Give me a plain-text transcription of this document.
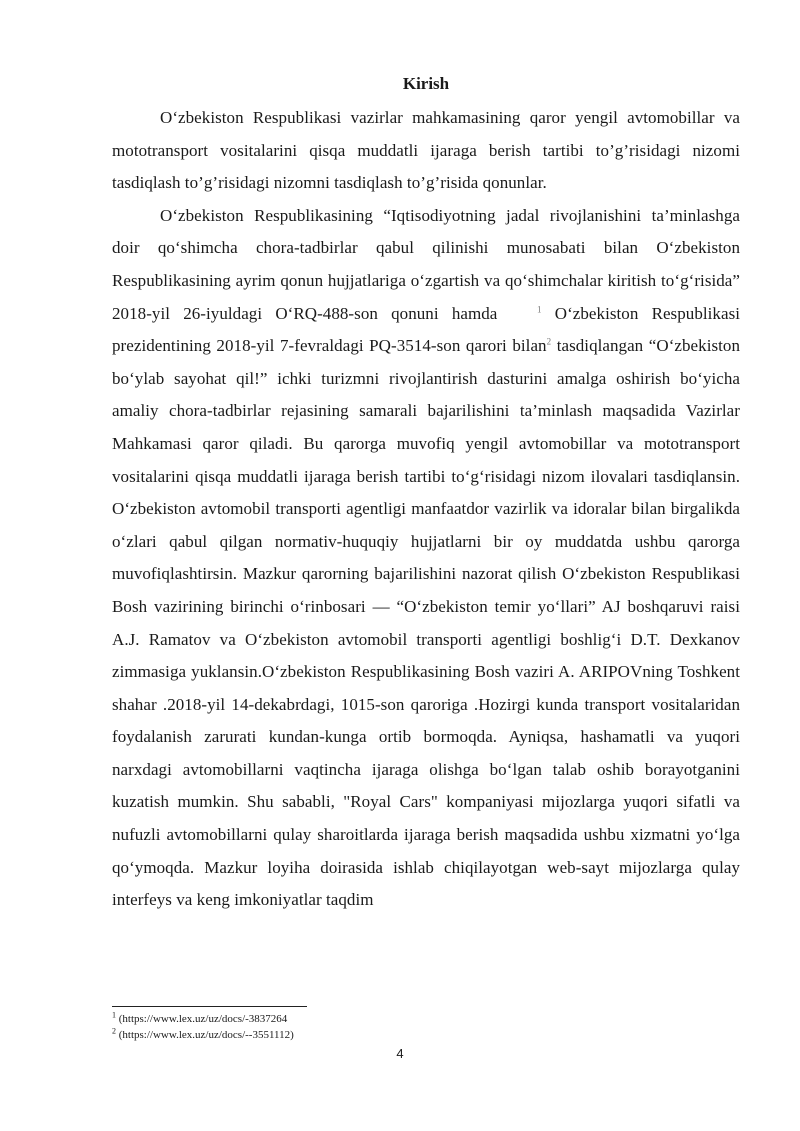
Kirish

O‘zbekiston Respublikasi vazirlar mahkamasining qaror yengil avtomobillar va mototransport vositalarini qisqa muddatli ijaraga berish tartibi to’g’risidagi nizomi tasdiqlash to’g’risidagi nizomni tasdiqlash to’g’risida qonunlar.

O‘zbekiston Respublikasining “Iqtisodiyotning jadal rivojlanishini ta’minlashga doir qo‘shimcha chora-tadbirlar qabul qilinishi munosabati bilan O‘zbekiston Respublikasining ayrim qonun hujjatlariga o‘zgartish va qo‘shimchalar kiritish to‘g‘risida” 2018-yil 26-iyuldagi O‘RQ-488-son qonuni hamda	$^1$ O‘zbekiston Respublikasi prezidentining 2018-yil 7-fevraldagi PQ-3514-son qarori bilan$^2$ tasdiqlangan “O‘zbekiston bo‘ylab sayohat qil!” ichki turizmni rivojlantirish dasturini amalga oshirish bo‘yicha amaliy chora-tadbirlar rejasining samarali bajarilishini ta’minlash maqsadida Vazirlar Mahkamasi qaror qiladi. Bu qarorga muvofiq yengil avtomobillar va mototransport vositalarini qisqa muddatli ijaraga berish tartibi to‘g‘risidagi nizom ilovalari tasdiqlansin. O‘zbekiston avtomobil transporti agentligi manfaatdor vazirlik va idoralar bilan birgalikda o‘zlari qabul qilgan normativ-huquqiy hujjatlarni bir oy muddatda ushbu qarorga muvofiqlashtirsin. Mazkur qarorning bajarilishini nazorat qilish O‘zbekiston Respublikasi Bosh vazirining birinchi o‘rinbosari — “O‘zbekiston temir yo‘llari” AJ boshqaruvi raisi A.J. Ramatov va O‘zbekiston avtomobil transporti agentligi boshlig‘i D.T. Dexkanov zimmasiga yuklansin.O‘zbekiston Respublikasining Bosh vaziri A. ARIPOVning Toshkent shahar .2018-yil 14-dekabrdagi, 1015-son qaroriga .Hozirgi kunda transport vositalaridan foydalanish zarurati kundan-kunga ortib bormoqda. Ayniqsa, hashamatli va yuqori narxdagi avtomobillarni vaqtincha ijaraga olishga bo‘lgan talab oshib borayotganini kuzatish mumkin. Shu sababli, "Royal Cars" kompaniyasi mijozlarga yuqori sifatli va nufuzli avtomobillarni qulay sharoitlarda ijaraga berish maqsadida ushbu xizmatni yo‘lga qo‘ymoqda. Mazkur loyiha doirasida ishlab chiqilayotgan web-sayt mijozlarga qulay interfeys va keng imkoniyatlar taqdim

$^1$ (https://www.lex.uz/uz/docs/-3837264

$^2$ (https://www.lex.uz/uz/docs/--3551112)

4
